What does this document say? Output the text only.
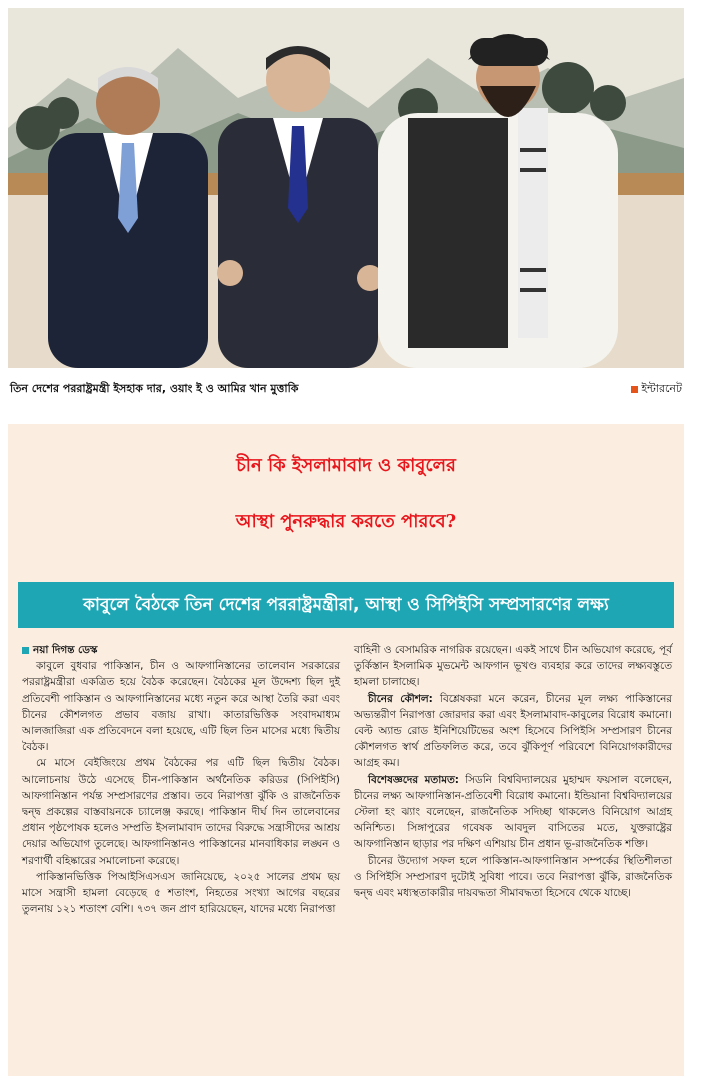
তিন দেশের পররাষ্ট্রমন্ত্রী ইসহাক দার, ওয়াং ই ও আমির খান মুত্তাকি	ইন্টারনেট
চীন কি ইসলামাবাদ ও কাবুলের
আস্থা পুনরুদ্ধার করতে পারবে?
কাবুলে বৈঠকে তিন দেশের পররাষ্ট্রমন্ত্রীরা, আস্থা ও সিপিইসি সম্প্রসারণের লক্ষ্য

নয়া দিগন্ত ডেস্ক

কাবুলে বুধবার পাকিস্তান, চীন ও আফগানিস্তানের তালেবান সরকারের পররাষ্ট্রমন্ত্রীরা একত্রিত হয়ে বৈঠক করেছেন। বৈঠকের মূল উদ্দেশ্য ছিল দুই প্রতিবেশী পাকিস্তান ও আফগানিস্তানের মধ্যে নতুন করে আস্থা তৈরি করা এবং চীনের কৌশলগত প্রভাব বজায় রাখা। কাতারভিত্তিক সংবাদমাধ্যম আলজাজিরা এক প্রতিবেদনে বলা হয়েছে, এটি ছিল তিন মাসের মধ্যে দ্বিতীয় বৈঠক।

মে মাসে বেইজিংয়ে প্রথম বৈঠকের পর এটি ছিল দ্বিতীয় বৈঠক। আলোচনায় উঠে এসেছে চীন-পাকিস্তান অর্থনৈতিক করিডর (সিপিইসি) আফগানিস্তান পর্যন্ত সম্প্রসারণের প্রস্তাব। তবে নিরাপত্তা ঝুঁকি ও রাজনৈতিক দ্বন্দ্ব প্রকল্পের বাস্তবায়নকে চ্যালেঞ্জ করছে। পাকিস্তান দীর্ঘ দিন তালেবানের প্রধান পৃষ্ঠপোষক হলেও সম্প্রতি ইসলামাবাদ তাদের বিরুদ্ধে সন্ত্রাসীদের আশ্রয় দেয়ার অভিযোগ তুলেছে। আফগানিস্তানও পাকিস্তানের মানবাধিকার লঙ্ঘন ও শরণার্থী বহিষ্কারের সমালোচনা করেছে।

পাকিস্তানভিত্তিক পিআইসিএসএস জানিয়েছে, ২০২৫ সালের প্রথম ছয় মাসে সন্ত্রাসী হামলা বেড়েছে ৫ শতাংশ, নিহতের সংখ্যা আগের বছরের তুলনায় ১২১ শতাংশ বেশি। ৭৩৭ জন প্রাণ হারিয়েছেন, যাদের মধ্যে নিরাপত্তা

বাহিনী ও বেসামরিক নাগরিক রয়েছেন। একই সাথে চীন অভিযোগ করেছে, পূর্ব তুর্কিস্তান ইসলামিক মুভমেন্ট আফগান ভূখণ্ড ব্যবহার করে তাদের লক্ষ্যবস্তুতে হামলা চালাচ্ছে।

চীনের কৌশল: বিশ্লেষকরা মনে করেন, চীনের মূল লক্ষ্য পাকিস্তানের অভ্যন্তরীণ নিরাপত্তা জোরদার করা এবং ইসলামাবাদ-কাবুলের বিরোধ কমানো। বেল্ট অ্যান্ড রোড ইনিশিয়েটিভের অংশ হিসেবে সিপিইসি সম্প্রসারণ চীনের কৌশলগত স্বার্থ প্রতিফলিত করে, তবে ঝুঁকিপূর্ণ পরিবেশে বিনিয়োগকারীদের আগ্রহ কম।

বিশেষজ্ঞদের মতামত: সিডনি বিশ্ববিদ্যালয়ের মুহাম্মদ ফয়সাল বলেছেন, চীনের লক্ষ্য আফগানিস্তান-প্রতিবেশী বিরোধ কমানো। ইন্ডিয়ানা বিশ্ববিদ্যালয়ের স্টেলা হং ঝ্যাং বলেছেন, রাজনৈতিক সদিচ্ছা থাকলেও বিনিয়োগ আগ্রহ অনিশ্চিত। সিঙ্গাপুরের গবেষক আবদুল বাসিতের মতে, যুক্তরাষ্ট্রের আফগানিস্তান ছাড়ার পর দক্ষিণ এশিয়ায় চীন প্রধান ভূ-রাজনৈতিক শক্তি।

চীনের উদ্যোগ সফল হলে পাকিস্তান-আফগানিস্তান সম্পর্কের স্থিতিশীলতা ও সিপিইসি সম্প্রসারণ দুটোই সুবিধা পাবে। তবে নিরাপত্তা ঝুঁকি, রাজনৈতিক দ্বন্দ্ব এবং মধ্যস্থতাকারীর দায়বদ্ধতা সীমাবদ্ধতা হিসেবে থেকে যাচ্ছে।
